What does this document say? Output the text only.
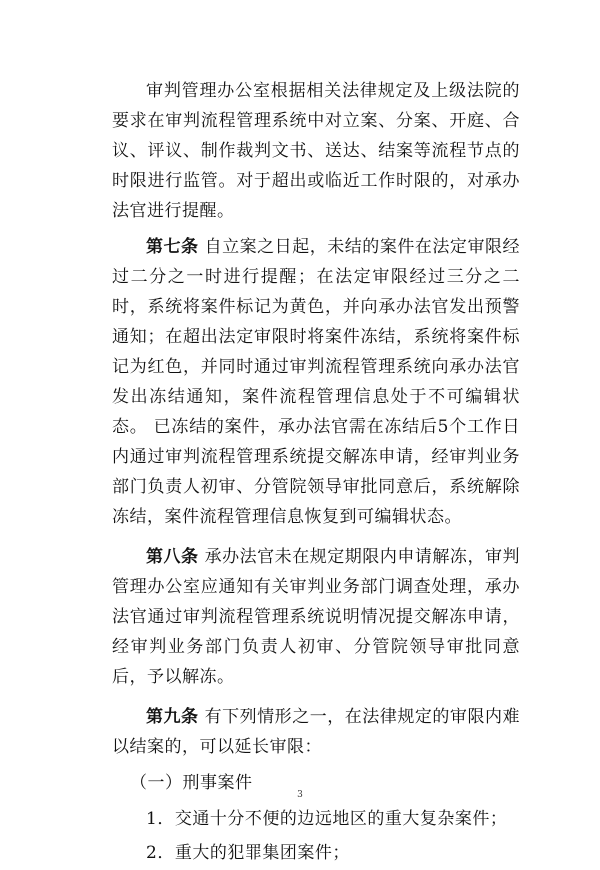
审判管理办公室根据相关法律规定及上级法院的要求在审判流程管理系统中对立案、分案、开庭、合议、评议、制作裁判文书、送达、结案等流程节点的时限进行监管。对于超出或临近工作时限的，对承办法官进行提醒。

第七条 自立案之日起，未结的案件在法定审限经过二分之一时进行提醒；在法定审限经过三分之二时，系统将案件标记为黄色，并向承办法官发出预警通知；在超出法定审限时将案件冻结，系统将案件标记为红色，并同时通过审判流程管理系统向承办法官发出冻结通知，案件流程管理信息处于不可编辑状态。 已冻结的案件，承办法官需在冻结后5个工作日内通过审判流程管理系统提交解冻申请，经审判业务部门负责人初审、分管院领导审批同意后，系统解除冻结，案件流程管理信息恢复到可编辑状态。

第八条 承办法官未在规定期限内申请解冻，审判管理办公室应通知有关审判业务部门调查处理，承办法官通过审判流程管理系统说明情况提交解冻申请，经审判业务部门负责人初审、分管院领导审批同意后，予以解冻。

第九条 有下列情形之一，在法律规定的审限内难以结案的，可以延长审限：

（一）刑事案件

1．交通十分不便的边远地区的重大复杂案件；

2．重大的犯罪集团案件；

3
